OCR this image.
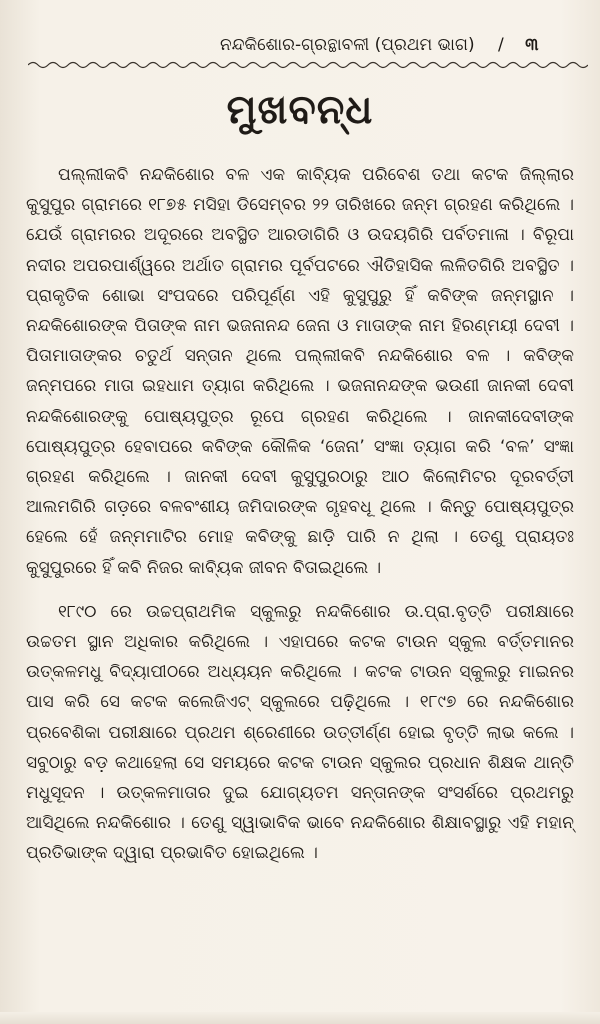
ନନ୍ଦକିଶୋର-ଗ୍ରନ୍ଥାବଳୀ (ପ୍ରଥମ ଭାଗ) / ୩
ମୁଖବନ୍ଧ

ପଲ୍ଲୀକବି ନନ୍ଦକିଶୋର ବଳ ଏକ କାବ୍ୟିକ ପରିବେଶ ତଥା କଟକ ଜିଲ୍ଲାର କୁସୁପୁର ଗ୍ରାମରେ ୧୮୭୫ ମସିହା ଡିସେମ୍ବର ୨୨ ତାରିଖରେ ଜନ୍ମ ଗ୍ରହଣ କରିଥିଲେ । ଯେଉଁ ଗ୍ରାମରର ଅଦୂରରେ ଅବସ୍ଥିତ ଆରଡାଗିରି ଓ ଉଦୟଗିରି ପର୍ବତମାଳା । ବିରୂପା ନଦୀର ଅପରପାର୍ଶ୍ୱରେ ଅର୍ଥାତ ଗ୍ରାମର ପୂର୍ବପଟରେ ଐତିହାସିକ ଲଳିତଗିରି ଅବସ୍ଥିତ । ପ୍ରାକୃତିକ ଶୋଭା ସଂପଦରେ ପରିପୂର୍ଣ୍ଣ ଏହି କୁସୁପୁରୁ ହିଁ କବିଙ୍କ ଜନ୍ମସ୍ଥାନ । ନନ୍ଦକିଶୋରଙ୍କ ପିତାଙ୍କ ନାମ ଭଜନାନନ୍ଦ ଜେନା ଓ ମାତାଙ୍କ ନାମ ହିରଣ୍ମୟୀ ଦେବୀ । ପିତାମାତାଙ୍କର ଚତୁର୍ଥ ସନ୍ତାନ ଥିଲେ ପଲ୍ଲୀକବି ନନ୍ଦକିଶୋର ବଳ । କବିଙ୍କ ଜନ୍ମପରେ ମାତା ଇହଧାମ ତ୍ୟାଗ କରିଥିଲେ । ଭଜନାନନ୍ଦଙ୍କ ଭଉଣୀ ଜାନକୀ ଦେବୀ ନନ୍ଦକିଶୋରଙ୍କୁ ପୋଷ୍ୟପୁତ୍ର ରୂପେ ଗ୍ରହଣ କରିଥିଲେ । ଜାନକୀଦେବୀଙ୍କ ପୋଷ୍ୟପୁତ୍ର ହେବାପରେ କବିଙ୍କ କୌଳିକ ‘ଜେନା’ ସଂଜ୍ଞା ତ୍ୟାଗ କରି ‘ବଳ’ ସଂଜ୍ଞା ଗ୍ରହଣ କରିଥିଲେ । ଜାନକୀ ଦେବୀ କୁସୁପୁରଠାରୁ ଆଠ କିଲୋମିଟର ଦୂରବର୍ତ୍ତୀ ଆଲମଗିରି ଗଡ଼ରେ ବଳବଂଶୀୟ ଜମିଦାରଙ୍କ ଗୃହବଧୂ ଥିଲେ । କିନ୍ତୁ ପୋଷ୍ୟପୁତ୍ର ହେଲେ ହେଁ ଜନ୍ମମାଟିର ମୋହ କବିଙ୍କୁ ଛାଡ଼ି ପାରି ନ ଥିଲା । ତେଣୁ ପ୍ରାୟତଃ କୁସୁପୁରରେ ହିଁ କବି ନିଜର କାବ୍ୟିକ ଜୀବନ ବିତାଇଥିଲେ ।

୧୮୯୦ ରେ ଉଚ୍ଚପ୍ରାଥମିକ ସ୍କୁଲରୁ ନନ୍ଦକିଶୋର ଉ.ପ୍ରା.ବୃତ୍ତି ପରୀକ୍ଷାରେ ଉଚ୍ଚତମ ସ୍ଥାନ ଅଧିକାର କରିଥିଲେ । ଏହାପରେ କଟକ ଟାଉନ ସ୍କୁଲ ବର୍ତ୍ତମାନର ଉତ୍କଳମଧୁ ବିଦ୍ୟାପୀଠରେ ଅଧ୍ୟୟନ କରିଥିଲେ । କଟକ ଟାଉନ ସ୍କୁଲରୁ ମାଇନର ପାସ କରି ସେ କଟକ କଲେଜିଏଟ୍ ସ୍କୁଲରେ ପଢ଼ିଥିଲେ । ୧୮୯୭ ରେ ନନ୍ଦକିଶୋର ପ୍ରବେଶିକା ପରୀକ୍ଷାରେ ପ୍ରଥମ ଶ୍ରେଣୀରେ ଉତ୍ତୀର୍ଣ୍ଣ ହୋଇ ବୃତ୍ତି ଲାଭ କଲେ । ସବୁଠାରୁ ବଡ଼ କଥାହେଲା ସେ ସମୟରେ କଟକ ଟାଉନ ସ୍କୁଲର ପ୍ରଧାନ ଶିକ୍ଷକ ଥାନ୍ତି ମଧୁସୂଦନ । ଉତ୍କଳମାତାର ଦୁଇ ଯୋଗ୍ୟତମ ସନ୍ତାନଙ୍କ ସଂସର୍ଶରେ ପ୍ରଥମରୁ ଆସିଥିଲେ ନନ୍ଦକିଶୋର । ତେଣୁ ସ୍ୱାଭାବିକ ଭାବେ ନନ୍ଦକିଶୋର ଶିକ୍ଷାବସ୍ଥାରୁ ଏହି ମହାନ୍ ପ୍ରତିଭାଙ୍କ ଦ୍ୱାରା ପ୍ରଭାବିତ ହୋଇଥିଲେ ।
